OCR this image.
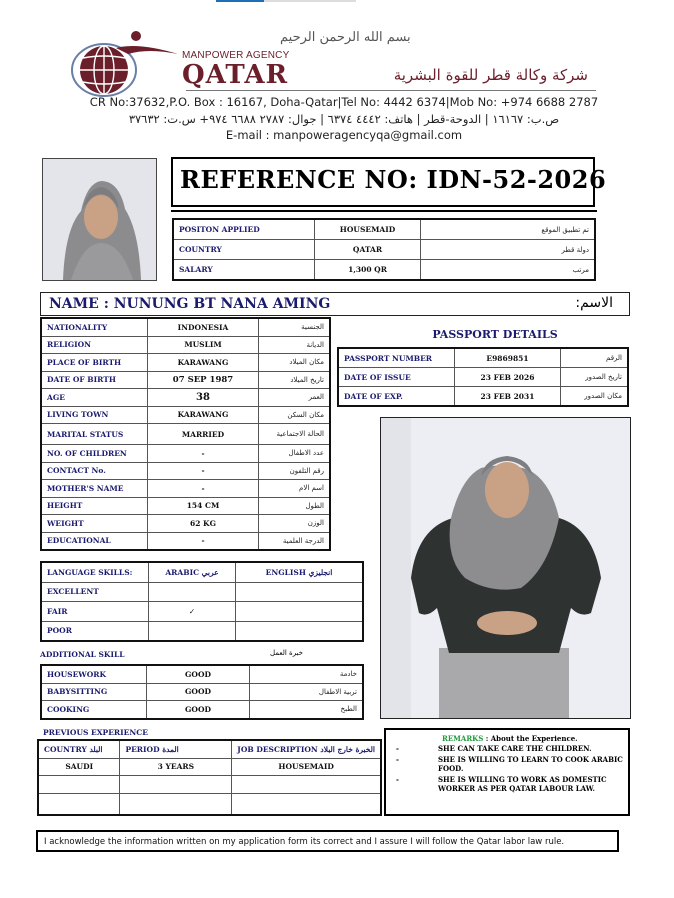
بسم الله الرحمن الرحيم
MANPOWER AGENCY
QATAR	شركة وكالة قطر للقوة البشرية
CR No:37632,P.O. Box : 16167, Doha-Qatar|Tel No: 4442 6374|Mob No: +974 6688 2787
ص.ب: ١٦١٦٧ | الدوحة-قطر | هاتف: ٤٤٤٢ ٦٣٧٤ | جوال: ٢٧٨٧ ٦٦٨٨ ٩٧٤+ س.ت: ٣٧٦٣٢
E-mail : manpoweragencyqa@gmail.com
REFERENCE NO: IDN-52-2026
POSITON APPLIED	HOUSEMAID	تم تطبيق الموقع
COUNTRY	QATAR	دولة قطر
SALARY	1,300 QR	مرتب
NAME : NUNUNG BT NANA AMING	الاسم:
NATIONALITY	INDONESIA	الجنسية
RELIGION	MUSLIM	الديانة
PLACE OF BIRTH	KARAWANG	مكان الميلاد
DATE OF BIRTH	07 SEP 1987	تاريخ الميلاد
AGE	38	العمر
LIVING TOWN	KARAWANG	مكان السكن
MARITAL STATUS	MARRIED	الحالة الاجتماعية
NO. OF CHILDREN	-	عدد الاطفال
CONTACT No.	-	رقم التلفون
MOTHER'S NAME	-	اسم الام
HEIGHT	154 CM	الطول
WEIGHT	62 KG	الوزن
EDUCATIONAL	-	الدرجة العلمية
PASSPORT DETAILS
PASSPORT NUMBER	E9869851	الرقم
DATE OF ISSUE	23 FEB 2026	تاريخ الصدور
DATE OF EXP.	23 FEB 2031	مكان الصدور
LANGUAGE SKILLS:	ARABIC عربي	ENGLISH انجليزي
EXCELLENT		
FAIR	✓	
POOR		
ADDITIONAL SKILL	خبرة العمل
HOUSEWORK	GOOD	خادمة
BABYSITTING	GOOD	تربية الاطفال
COOKING	GOOD	الطبخ
PREVIOUS EXPERIENCE
COUNTRY البلد	PERIOD المدة	JOB DESCRIPTION الخبرة خارج البلاد
SAUDI	3 YEARS	HOUSEMAID

REMARKS : About the Experience.
-	SHE CAN TAKE CARE THE CHILDREN.
-	SHE IS WILLING TO LEARN TO COOK ARABIC FOOD.
-	SHE IS WILLING TO WORK AS DOMESTIC WORKER AS PER QATAR LABOUR LAW.
I acknowledge the information written on my application form its correct and I assure I will follow the Qatar labor law rule.
